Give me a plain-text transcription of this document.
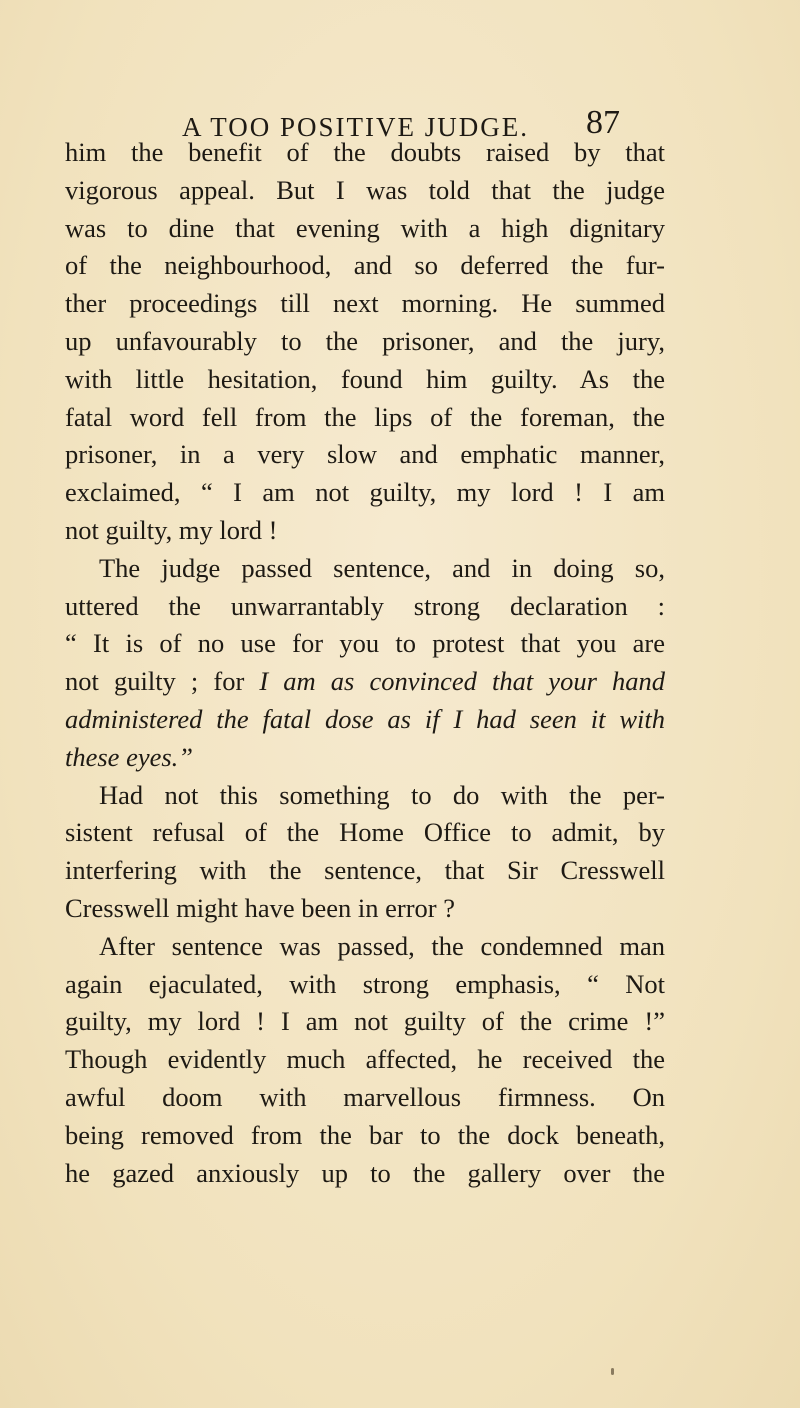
A TOO POSITIVE JUDGE. 87
him the benefit of the doubts raised by that
vigorous appeal. But I was told that the judge
was to dine that evening with a high dignitary
of the neighbourhood, and so deferred the fur-
ther proceedings till next morning. He summed
up unfavourably to the prisoner, and the jury,
with little hesitation, found him guilty. As the
fatal word fell from the lips of the foreman, the
prisoner, in a very slow and emphatic manner,
exclaimed, “ I am not guilty, my lord ! I am
not guilty, my lord !
The judge passed sentence, and in doing so,
uttered the unwarrantably strong declaration :
“ It is of no use for you to protest that you are
not guilty ; for I am as convinced that your hand
administered the fatal dose as if I had seen it with
these eyes.”
Had not this something to do with the per-
sistent refusal of the Home Office to admit, by
interfering with the sentence, that Sir Cresswell
Cresswell might have been in error ?
After sentence was passed, the condemned man
again ejaculated, with strong emphasis, “ Not
guilty, my lord ! I am not guilty of the crime !”
Though evidently much affected, he received the
awful doom with marvellous firmness. On
being removed from the bar to the dock beneath,
he gazed anxiously up to the gallery over the
